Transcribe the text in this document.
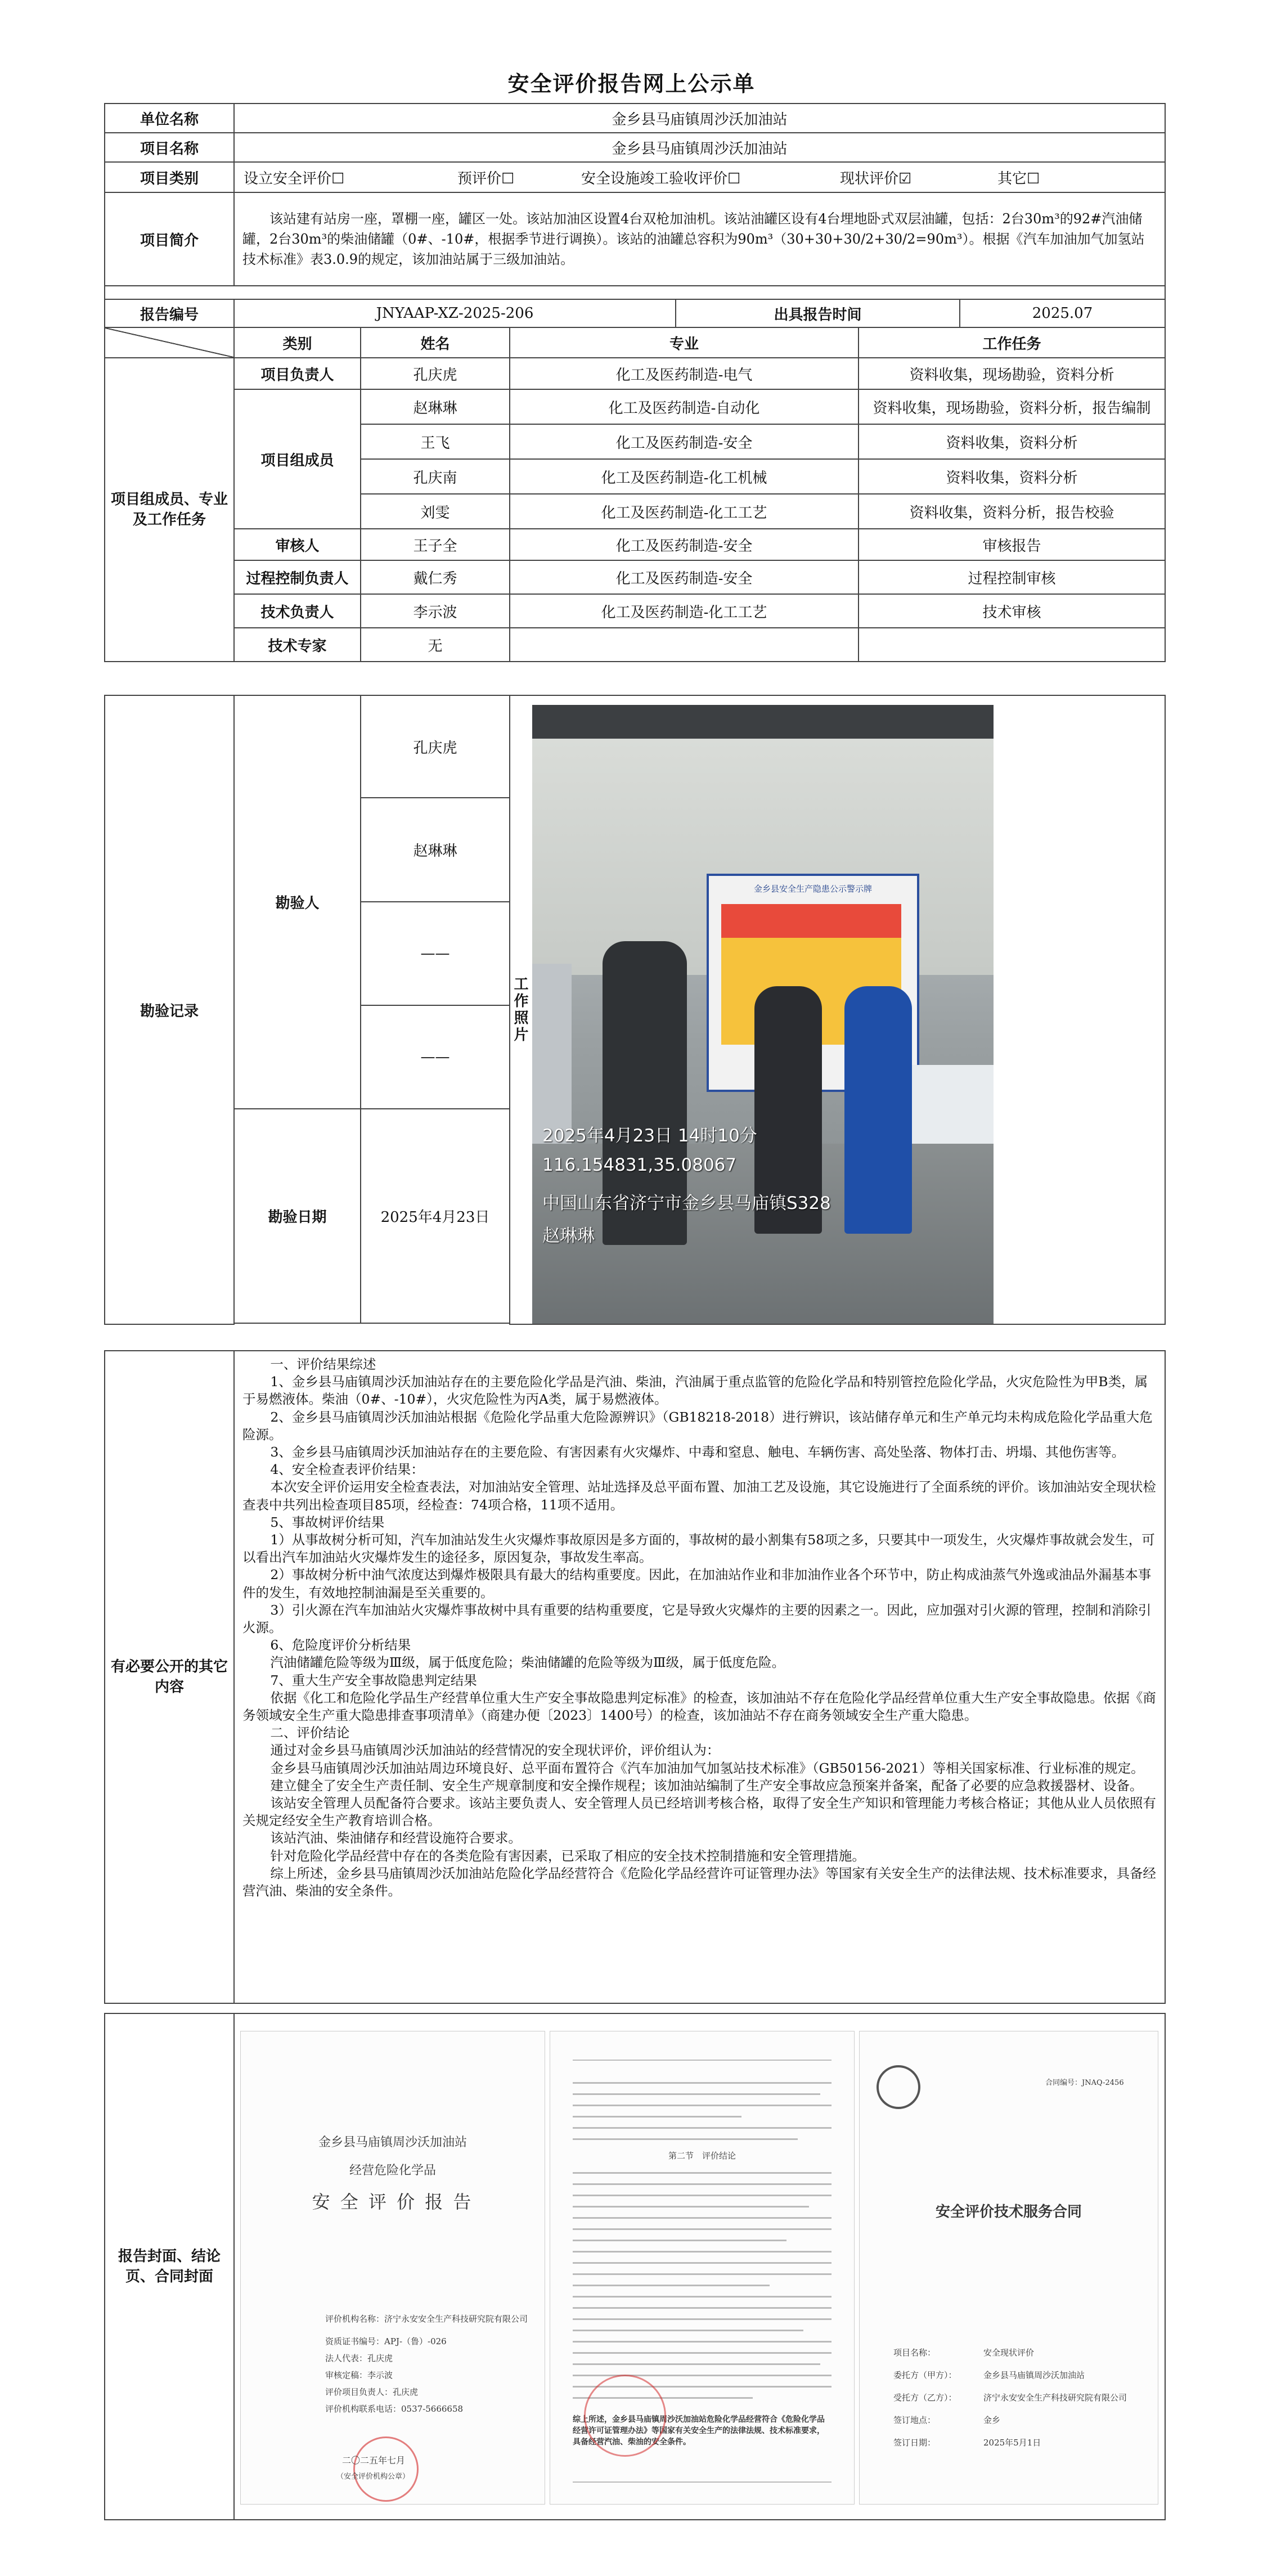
安全评价报告网上公示单
单位名称	金乡县马庙镇周沙沃加油站					
项目名称	金乡县马庙镇周沙沃加油站					
项目类别	设立安全评价☐ 预评价☐ 安全设施竣工验收评价☐ 现状评价☑ 其它☐					
项目简介	该站建有站房一座，罩棚一座，罐区一处。该站加油区设置4台双枪加油机。该站油罐区设有4台埋地卧式双层油罐，包括：2台30m³的92#汽油储罐，2台30m³的柴油储罐（0#、-10#，根据季节进行调换）。该站的油罐总容积为90m³（30+30+30/2+30/2=90m³）。根据《汽车加油加气加氢站技术标准》表3.0.9的规定，该加油站属于三级加油站。					

报告编号	JNYAAP-XZ-2025-206			出具报告时间		2025.07
	类别	姓名	专业		工作任务	
项目组成员、专业及工作任务	项目负责人	孔庆虎	化工及医药制造-电气		资料收集，现场勘验，资料分析	
	项目组成员	赵琳琳	化工及医药制造-自动化		资料收集，现场勘验，资料分析，报告编制	
		王飞	化工及医药制造-安全		资料收集，资料分析	
		孔庆南	化工及医药制造-化工机械		资料收集，资料分析	
		刘雯	化工及医药制造-化工工艺		资料收集，资料分析，报告校验	
	审核人	王子全	化工及医药制造-安全		审核报告	
	过程控制负责人	戴仁秀	化工及医药制造-安全		过程控制审核	
	技术负责人	李示波	化工及医药制造-化工工艺		技术审核	
	技术专家	无				
勘验记录	勘验人	孔庆虎	工作照片	金乡县安全生产隐患公示警示牌
2025年4月23日 14时10分
116.154831,35.08067
中国山东省济宁市金乡县马庙镇S328
赵琳琳

		赵琳琳		
		——		
		——		
	勘验日期	2025年4月23日		

有必要公开的其它内容	

一、评价结果综述

1、金乡县马庙镇周沙沃加油站存在的主要危险化学品是汽油、柴油，汽油属于重点监管的危险化学品和特别管控危险化学品，火灾危险性为甲B类，属于易燃液体。柴油（0#、-10#），火灾危险性为丙A类，属于易燃液体。

2、金乡县马庙镇周沙沃加油站根据《危险化学品重大危险源辨识》（GB18218-2018）进行辨识，该站储存单元和生产单元均未构成危险化学品重大危险源。

3、金乡县马庙镇周沙沃加油站存在的主要危险、有害因素有火灾爆炸、中毒和窒息、触电、车辆伤害、高处坠落、物体打击、坍塌、其他伤害等。

4、安全检查表评价结果：

本次安全评价运用安全检查表法，对加油站安全管理、站址选择及总平面布置、加油工艺及设施，其它设施进行了全面系统的评价。该加油站安全现状检查表中共列出检查项目85项，经检查：74项合格，11项不适用。

5、事故树评价结果

1）从事故树分析可知，汽车加油站发生火灾爆炸事故原因是多方面的，事故树的最小割集有58项之多，只要其中一项发生，火灾爆炸事故就会发生，可以看出汽车加油站火灾爆炸发生的途径多，原因复杂，事故发生率高。

2）事故树分析中油气浓度达到爆炸极限具有最大的结构重要度。因此，在加油站作业和非加油作业各个环节中，防止构成油蒸气外逸或油品外漏基本事件的发生，有效地控制油漏是至关重要的。

3）引火源在汽车加油站火灾爆炸事故树中具有重要的结构重要度，它是导致火灾爆炸的主要的因素之一。因此，应加强对引火源的管理，控制和消除引火源。

6、危险度评价分析结果

汽油储罐危险等级为Ⅲ级，属于低度危险；柴油储罐的危险等级为Ⅲ级，属于低度危险。

7、重大生产安全事故隐患判定结果

依据《化工和危险化学品生产经营单位重大生产安全事故隐患判定标准》的检查，该加油站不存在危险化学品经营单位重大生产安全事故隐患。依据《商务领域安全生产重大隐患排查事项清单》（商建办便〔2023〕1400号）的检查，该加油站不存在商务领域安全生产重大隐患。

二、评价结论

通过对金乡县马庙镇周沙沃加油站的经营情况的安全现状评价，评价组认为：

金乡县马庙镇周沙沃加油站周边环境良好、总平面布置符合《汽车加油加气加氢站技术标准》（GB50156-2021）等相关国家标准、行业标准的规定。

建立健全了安全生产责任制、安全生产规章制度和安全操作规程；该加油站编制了生产安全事故应急预案并备案，配备了必要的应急救援器材、设备。

该站安全管理人员配备符合要求。该站主要负责人、安全管理人员已经培训考核合格，取得了安全生产知识和管理能力考核合格证；其他从业人员依照有关规定经安全生产教育培训合格。

该站汽油、柴油储存和经营设施符合要求。

针对危险化学品经营中存在的各类危险有害因素，已采取了相应的安全技术控制措施和安全管理措施。

综上所述，金乡县马庙镇周沙沃加油站危险化学品经营符合《危险化学品经营许可证管理办法》等国家有关安全生产的法律法规、技术标准要求，具备经营汽油、柴油的安全条件。

报告封面、结论页、合同封面	
金乡县马庙镇周沙沃加油站
经营危险化学品
安 全 评 价 报 告
评价机构名称：济宁永安安全生产科技研究院有限公司
资质证书编号：APJ-（鲁）-026
法人代表：孔庆虎
审核定稿：李示波
评价项目负责人：孔庆虎
评价机构联系电话：0537-5666658
二〇二五年七月
（安全评价机构公章）
第二节　评价结论
综上所述，金乡县马庙镇周沙沃加油站危险化学品经营符合《危险化学品经营许可证管理办法》等国家有关安全生产的法律法规、技术标准要求，具备经营汽油、柴油的安全条件。
合同编号：JNAQ-2456
安全评价技术服务合同
项目名称：	安全现状评价
委托方（甲方）：	金乡县马庙镇周沙沃加油站
受托方（乙方）：	济宁永安安全生产科技研究院有限公司
签订地点：	金乡
签订日期：	2025年5月1日
